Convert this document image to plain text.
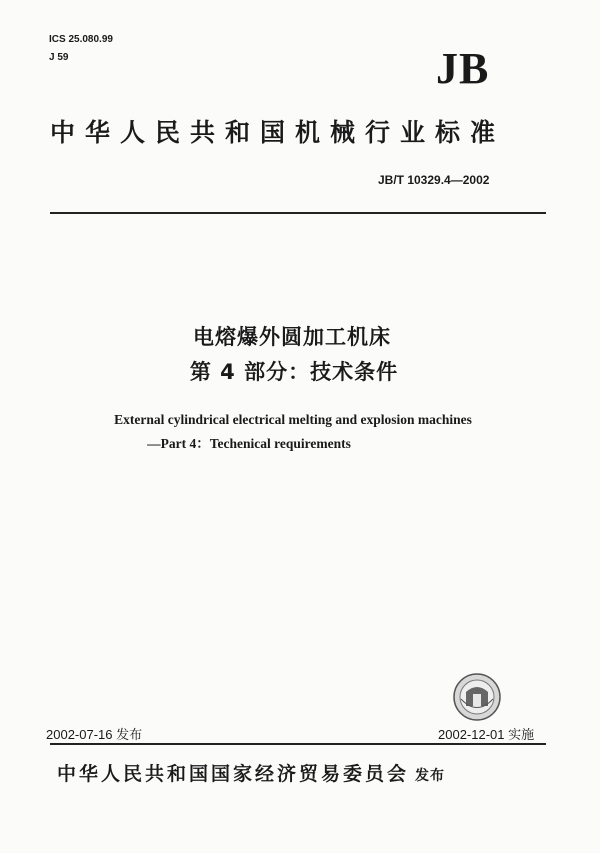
ICS 25.080.99
J 59	JB
中华人民共和国机械行业标准
JB/T 10329.4—2002
电熔爆外圆加工机床
第 4 部分：技术条件
External cylindrical electrical melting and explosion machines
—Part 4：Techenical requirements
2002-07-16 发布	2002-12-01 实施
中华人民共和国国家经济贸易委员会 发布
